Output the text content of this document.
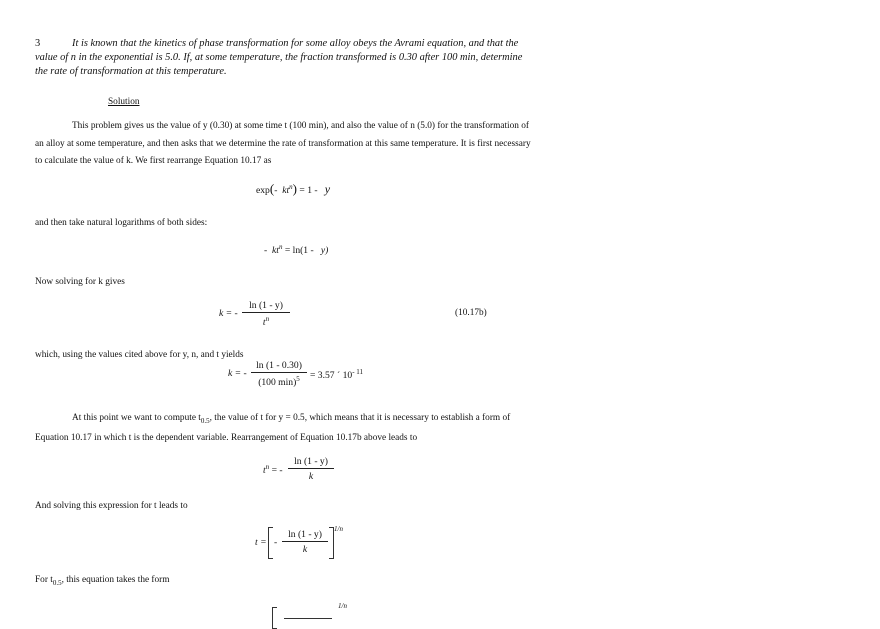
3	It is known that the kinetics of phase transformation for some alloy obeys the Avrami equation, and that the
value of n in the exponential is 5.0. If, at some temperature, the fraction transformed is 0.30 after 100 min, determine
the rate of transformation at this temperature.
Solution
This problem gives us the value of y (0.30) at some time t (100 min), and also the value of n (5.0) for the transformation of
an alloy at some temperature, and then asks that we determine the rate of transformation at this same temperature. It is first necessary
to calculate the value of k. We first rearrange Equation 10.17 as
exp(- $kt^n) = 1 - y$
and then take natural logarithms of both sides:
- $kt^n = \ln(1 - y)$
Now solving for k gives
k = - $\frac{\ln (1 - y)}{t^n}$	(10.17b)
which, using the values cited above for y, n, and t yields
k = -
ln (1 - 0.30)
(100 min)$^5$	= 3.57 ´ $10^{- 11}$
At this point we want to compute $t_{0.5}$, the value of t for y = 0.5, which means that it is necessary to establish a form of
Equation 10.17 in which t is the dependent variable. Rearrangement of Equation 10.17b above leads to
$t^n$ = - $\frac{\ln (1 - y)}{k}$
And solving this expression for t leads to
t = - $\frac{\ln (1 - y)}{k} 1/n$
For $t_{0.5}$, this equation takes the form
1/n
